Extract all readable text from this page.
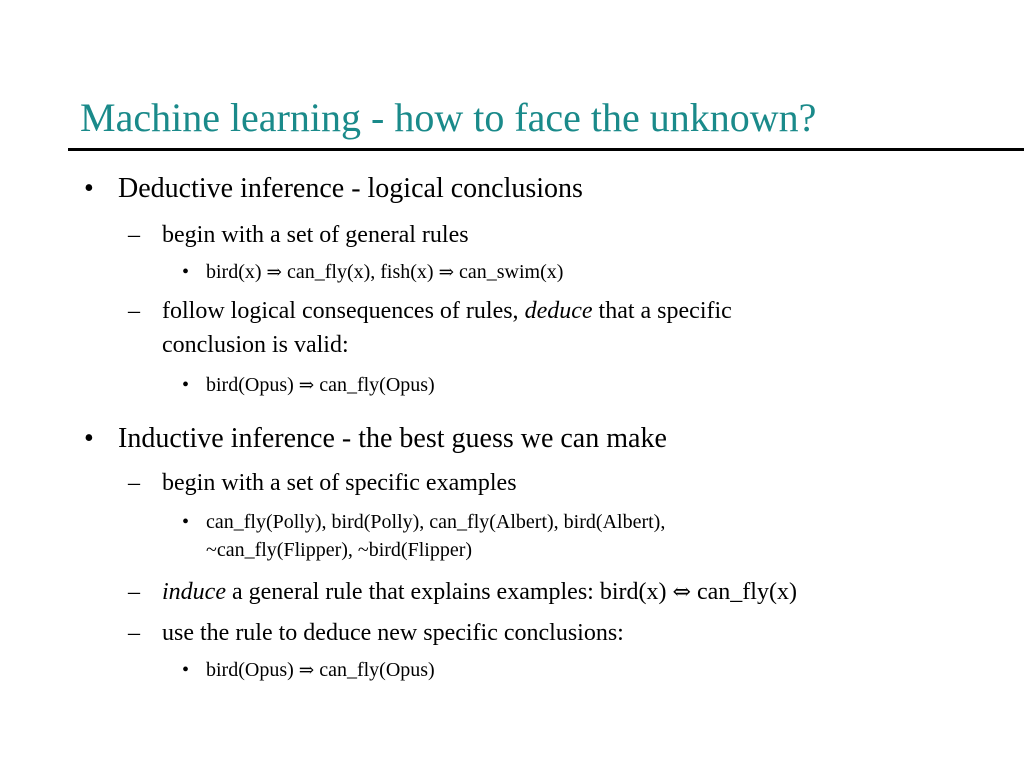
Machine learning - how to face the unknown?
• Deductive inference - logical conclusions
– begin with a set of general rules
• bird(x) ⇒ can_fly(x), fish(x) ⇒ can_swim(x)
– follow logical consequences of rules, deduce that a specific
conclusion is valid:
• bird(Opus) ⇒ can_fly(Opus)
• Inductive inference - the best guess we can make
– begin with a set of specific examples
• can_fly(Polly), bird(Polly), can_fly(Albert), bird(Albert),
~can_fly(Flipper), ~bird(Flipper)
– induce a general rule that explains examples: bird(x) ⇔ can_fly(x)
– use the rule to deduce new specific conclusions:
• bird(Opus) ⇒ can_fly(Opus)
